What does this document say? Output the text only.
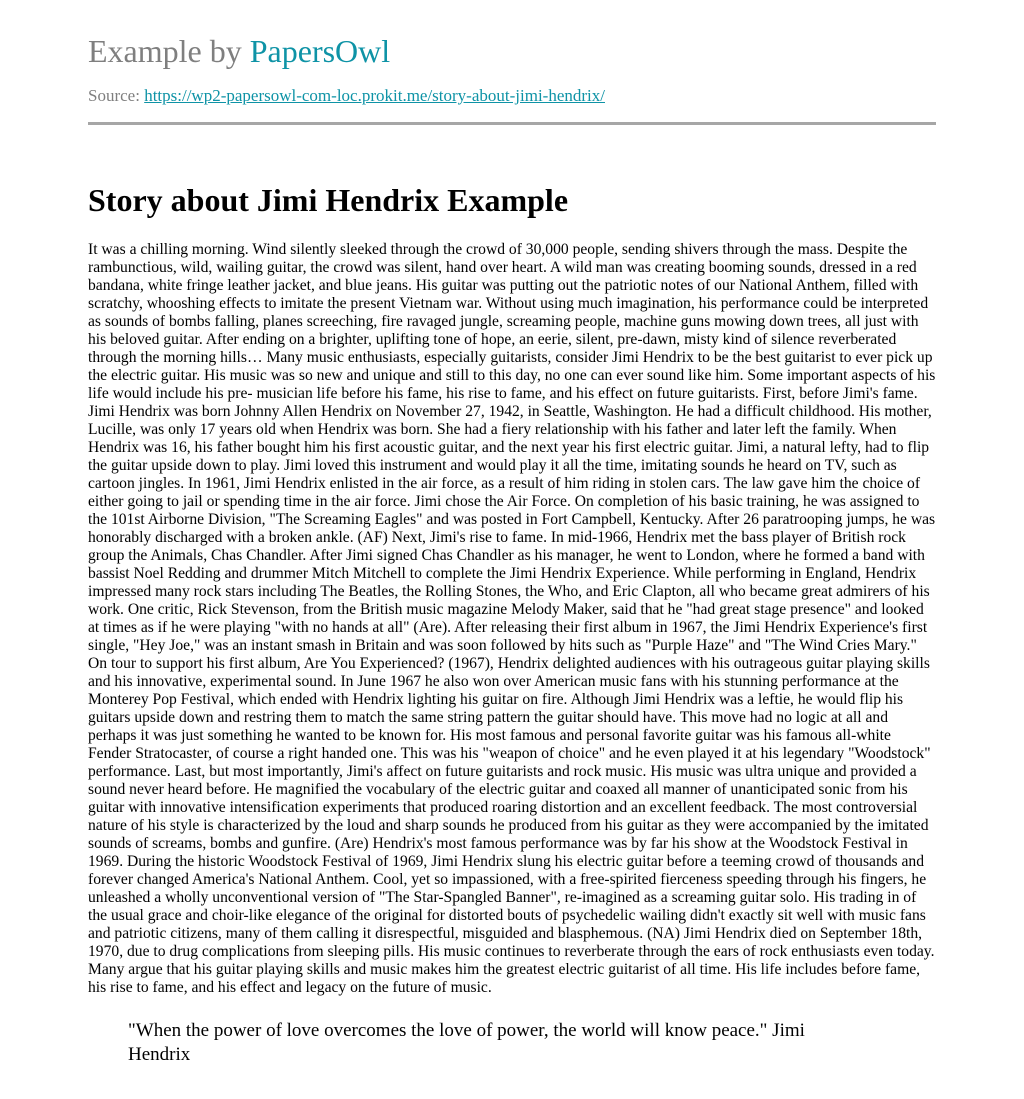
Example by PapersOwl
Source: https://wp2-papersowl-com-loc.prokit.me/story-about-jimi-hendrix/
Story about Jimi Hendrix Example
It was a chilling morning. Wind silently sleeked through the crowd of 30,000 people, sending shivers through the mass. Despite the rambunctious, wild, wailing guitar, the crowd was silent, hand over heart. A wild man was creating booming sounds, dressed in a red bandana, white fringe leather jacket, and blue jeans. His guitar was putting out the patriotic notes of our National Anthem, filled with scratchy, whooshing effects to imitate the present Vietnam war. Without using much imagination, his performance could be interpreted as sounds of bombs falling, planes screeching, fire ravaged jungle, screaming people, machine guns mowing down trees, all just with his beloved guitar. After ending on a brighter, uplifting tone of hope, an eerie, silent, pre-dawn, misty kind of silence reverberated through the morning hills… Many music enthusiasts, especially guitarists, consider Jimi Hendrix to be the best guitarist to ever pick up the electric guitar. His music was so new and unique and still to this day, no one can ever sound like him. Some important aspects of his life would include his pre- musician life before his fame, his rise to fame, and his effect on future guitarists. First, before Jimi's fame. Jimi Hendrix was born Johnny Allen Hendrix on November 27, 1942, in Seattle, Washington. He had a difficult childhood. His mother, Lucille, was only 17 years old when Hendrix was born. She had a fiery relationship with his father and later left the family. When Hendrix was 16, his father bought him his first acoustic guitar, and the next year his first electric guitar. Jimi, a natural lefty, had to flip the guitar upside down to play. Jimi loved this instrument and would play it all the time, imitating sounds he heard on TV, such as cartoon jingles. In 1961, Jimi Hendrix enlisted in the air force, as a result of him riding in stolen cars. The law gave him the choice of either going to jail or spending time in the air force. Jimi chose the Air Force. On completion of his basic training, he was assigned to the 101st Airborne Division, "The Screaming Eagles" and was posted in Fort Campbell, Kentucky. After 26 paratrooping jumps, he was honorably discharged with a broken ankle. (AF) Next, Jimi's rise to fame. In mid-1966, Hendrix met the bass player of British rock group the Animals, Chas Chandler. After Jimi signed Chas Chandler as his manager, he went to London, where he formed a band with bassist Noel Redding and drummer Mitch Mitchell to complete the Jimi Hendrix Experience. While performing in England, Hendrix impressed many rock stars including The Beatles, the Rolling Stones, the Who, and Eric Clapton, all who became great admirers of his work. One critic, Rick Stevenson, from the British music magazine Melody Maker, said that he "had great stage presence" and looked at times as if he were playing "with no hands at all" (Are). After releasing their first album in 1967, the Jimi Hendrix Experience's first single, "Hey Joe," was an instant smash in Britain and was soon followed by hits such as "Purple Haze" and "The Wind Cries Mary." On tour to support his first album, Are You Experienced? (1967), Hendrix delighted audiences with his outrageous guitar playing skills and his innovative, experimental sound. In June 1967 he also won over American music fans with his stunning performance at the Monterey Pop Festival, which ended with Hendrix lighting his guitar on fire. Although Jimi Hendrix was a leftie, he would flip his guitars upside down and restring them to match the same string pattern the guitar should have. This move had no logic at all and perhaps it was just something he wanted to be known for. His most famous and personal favorite guitar was his famous all-white Fender Stratocaster, of course a right handed one. This was his "weapon of choice" and he even played it at his legendary "Woodstock" performance. Last, but most importantly, Jimi's affect on future guitarists and rock music. His music was ultra unique and provided a sound never heard before. He magnified the vocabulary of the electric guitar and coaxed all manner of unanticipated sonic from his guitar with innovative intensification experiments that produced roaring distortion and an excellent feedback. The most controversial nature of his style is characterized by the loud and sharp sounds he produced from his guitar as they were accompanied by the imitated sounds of screams, bombs and gunfire. (Are) Hendrix's most famous performance was by far his show at the Woodstock Festival in 1969. During the historic Woodstock Festival of 1969, Jimi Hendrix slung his electric guitar before a teeming crowd of thousands and forever changed America's National Anthem. Cool, yet so impassioned, with a free-spirited fierceness speeding through his fingers, he unleashed a wholly unconventional version of "The Star-Spangled Banner", re-imagined as a screaming guitar solo. His trading in of the usual grace and choir-like elegance of the original for distorted bouts of psychedelic wailing didn't exactly sit well with music fans and patriotic citizens, many of them calling it disrespectful, misguided and blasphemous. (NA) Jimi Hendrix died on September 18th, 1970, due to drug complications from sleeping pills. His music continues to reverberate through the ears of rock enthusiasts even today. Many argue that his guitar playing skills and music makes him the greatest electric guitarist of all time. His life includes before fame, his rise to fame, and his effect and legacy on the future of music.
"When the power of love overcomes the love of power, the world will know peace." Jimi Hendrix
